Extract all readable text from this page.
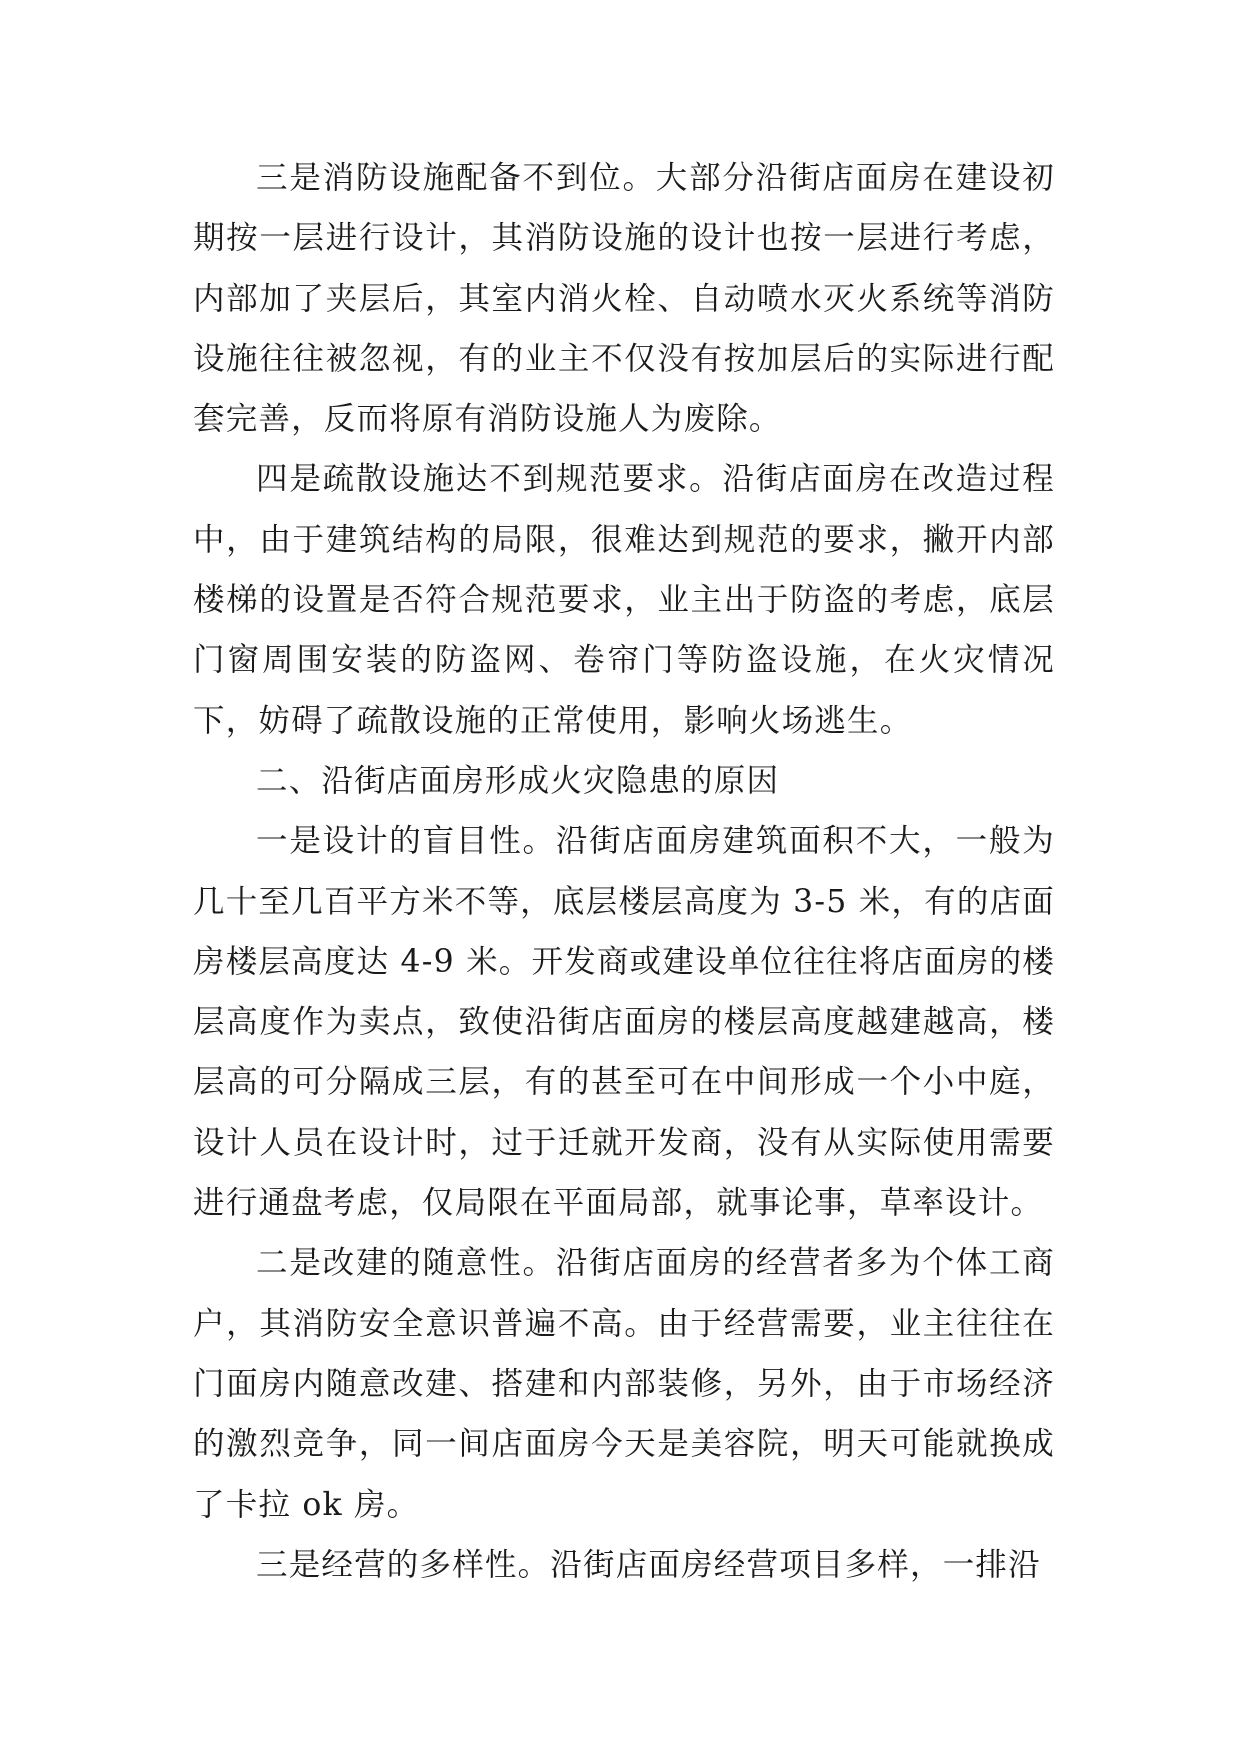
三是消防设施配备不到位。大部分沿街店面房在建设初期按一层进行设计，其消防设施的设计也按一层进行考虑，内部加了夹层后，其室内消火栓、自动喷水灭火系统等消防设施往往被忽视，有的业主不仅没有按加层后的实际进行配套完善，反而将原有消防设施人为废除。

四是疏散设施达不到规范要求。沿街店面房在改造过程中，由于建筑结构的局限，很难达到规范的要求，撇开内部楼梯的设置是否符合规范要求，业主出于防盗的考虑，底层门窗周围安装的防盗网、卷帘门等防盗设施，在火灾情况下，妨碍了疏散设施的正常使用，影响火场逃生。

二、沿街店面房形成火灾隐患的原因

一是设计的盲目性。沿街店面房建筑面积不大，一般为几十至几百平方米不等，底层楼层高度为 3-5 米，有的店面房楼层高度达 4-9 米。开发商或建设单位往往将店面房的楼层高度作为卖点，致使沿街店面房的楼层高度越建越高，楼层高的可分隔成三层，有的甚至可在中间形成一个小中庭，设计人员在设计时，过于迁就开发商，没有从实际使用需要进行通盘考虑，仅局限在平面局部，就事论事，草率设计。

二是改建的随意性。沿街店面房的经营者多为个体工商户，其消防安全意识普遍不高。由于经营需要，业主往往在门面房内随意改建、搭建和内部装修，另外，由于市场经济的激烈竞争，同一间店面房今天是美容院，明天可能就换成了卡拉 ok 房。

三是经营的多样性。沿街店面房经营项目多样，一排沿
